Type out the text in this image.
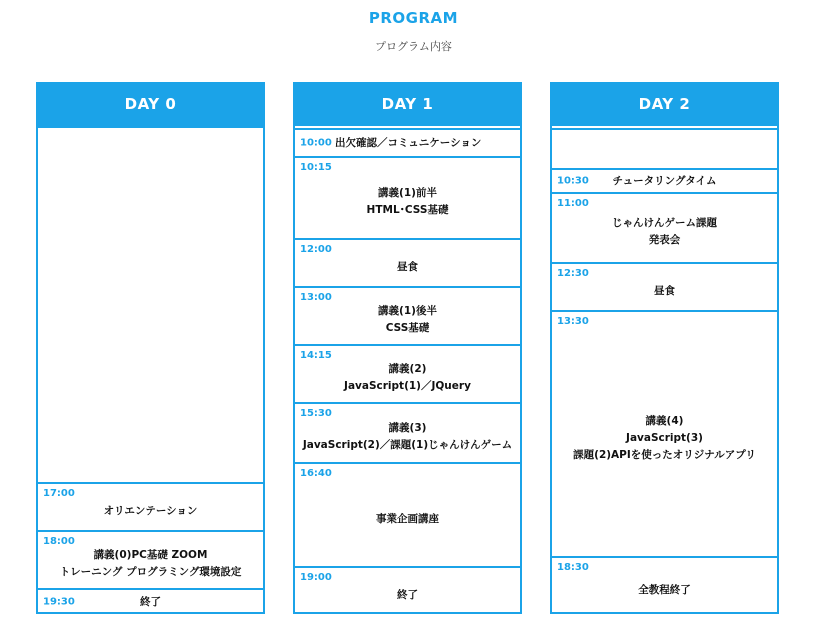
PROGRAM
プログラム内容
DAY 0
17:00
オリエンテーション
18:00
講義(0)PC基礎 ZOOM
トレーニング プログラミング環境設定
19:30	終了
DAY 1
10:00 出欠確認／コミュニケーション
10:15
講義(1)前半
HTML･CSS基礎
12:00
昼食
13:00
講義(1)後半
CSS基礎
14:15
講義(2)
JavaScript(1)／JQuery
15:30
講義(3)
JavaScript(2)／課題(1)じゃんけんゲーム
16:40
事業企画講座
19:00
終了
DAY 2
10:30 チュータリングタイム
11:00
じゃんけんゲーム課題
発表会
12:30
昼食
13:30
講義(4)
JavaScript(3)
課題(2)APIを使ったオリジナルアプリ
18:30
全教程終了
